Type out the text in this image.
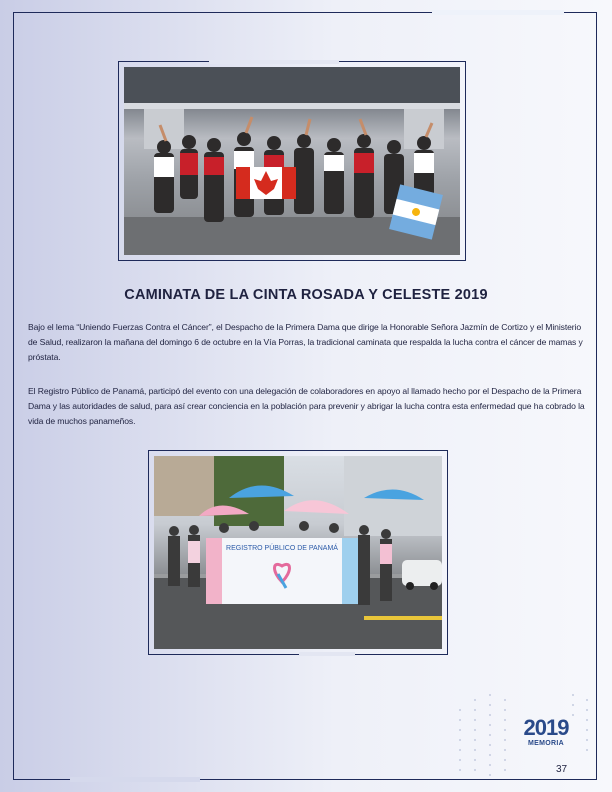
CAMINATA DE LA CINTA ROSADA Y CELESTE 2019
Bajo el lema “Uniendo Fuerzas Contra el Cáncer”, el Despacho de la Primera Dama que dirige la Honorable Señora Jazmín de Cortizo y el Ministerio de Salud, realizaron la mañana del domingo 6 de octubre en la Vía Porras, la tradicional caminata que respalda la lucha contra el cáncer de mamas y próstata.
El Registro Público de Panamá, participó del evento con una delegación de colaboradores en apoyo al llamado hecho por el Despacho de la Primera Dama y las autoridades de salud, para así crear conciencia en la población para prevenir y abrigar la lucha contra esta enfermedad que ha cobrado la vida de muchos panameños.
REGISTRO PÚBLICO DE PANAMÁ
2019
MEMORIA
37
